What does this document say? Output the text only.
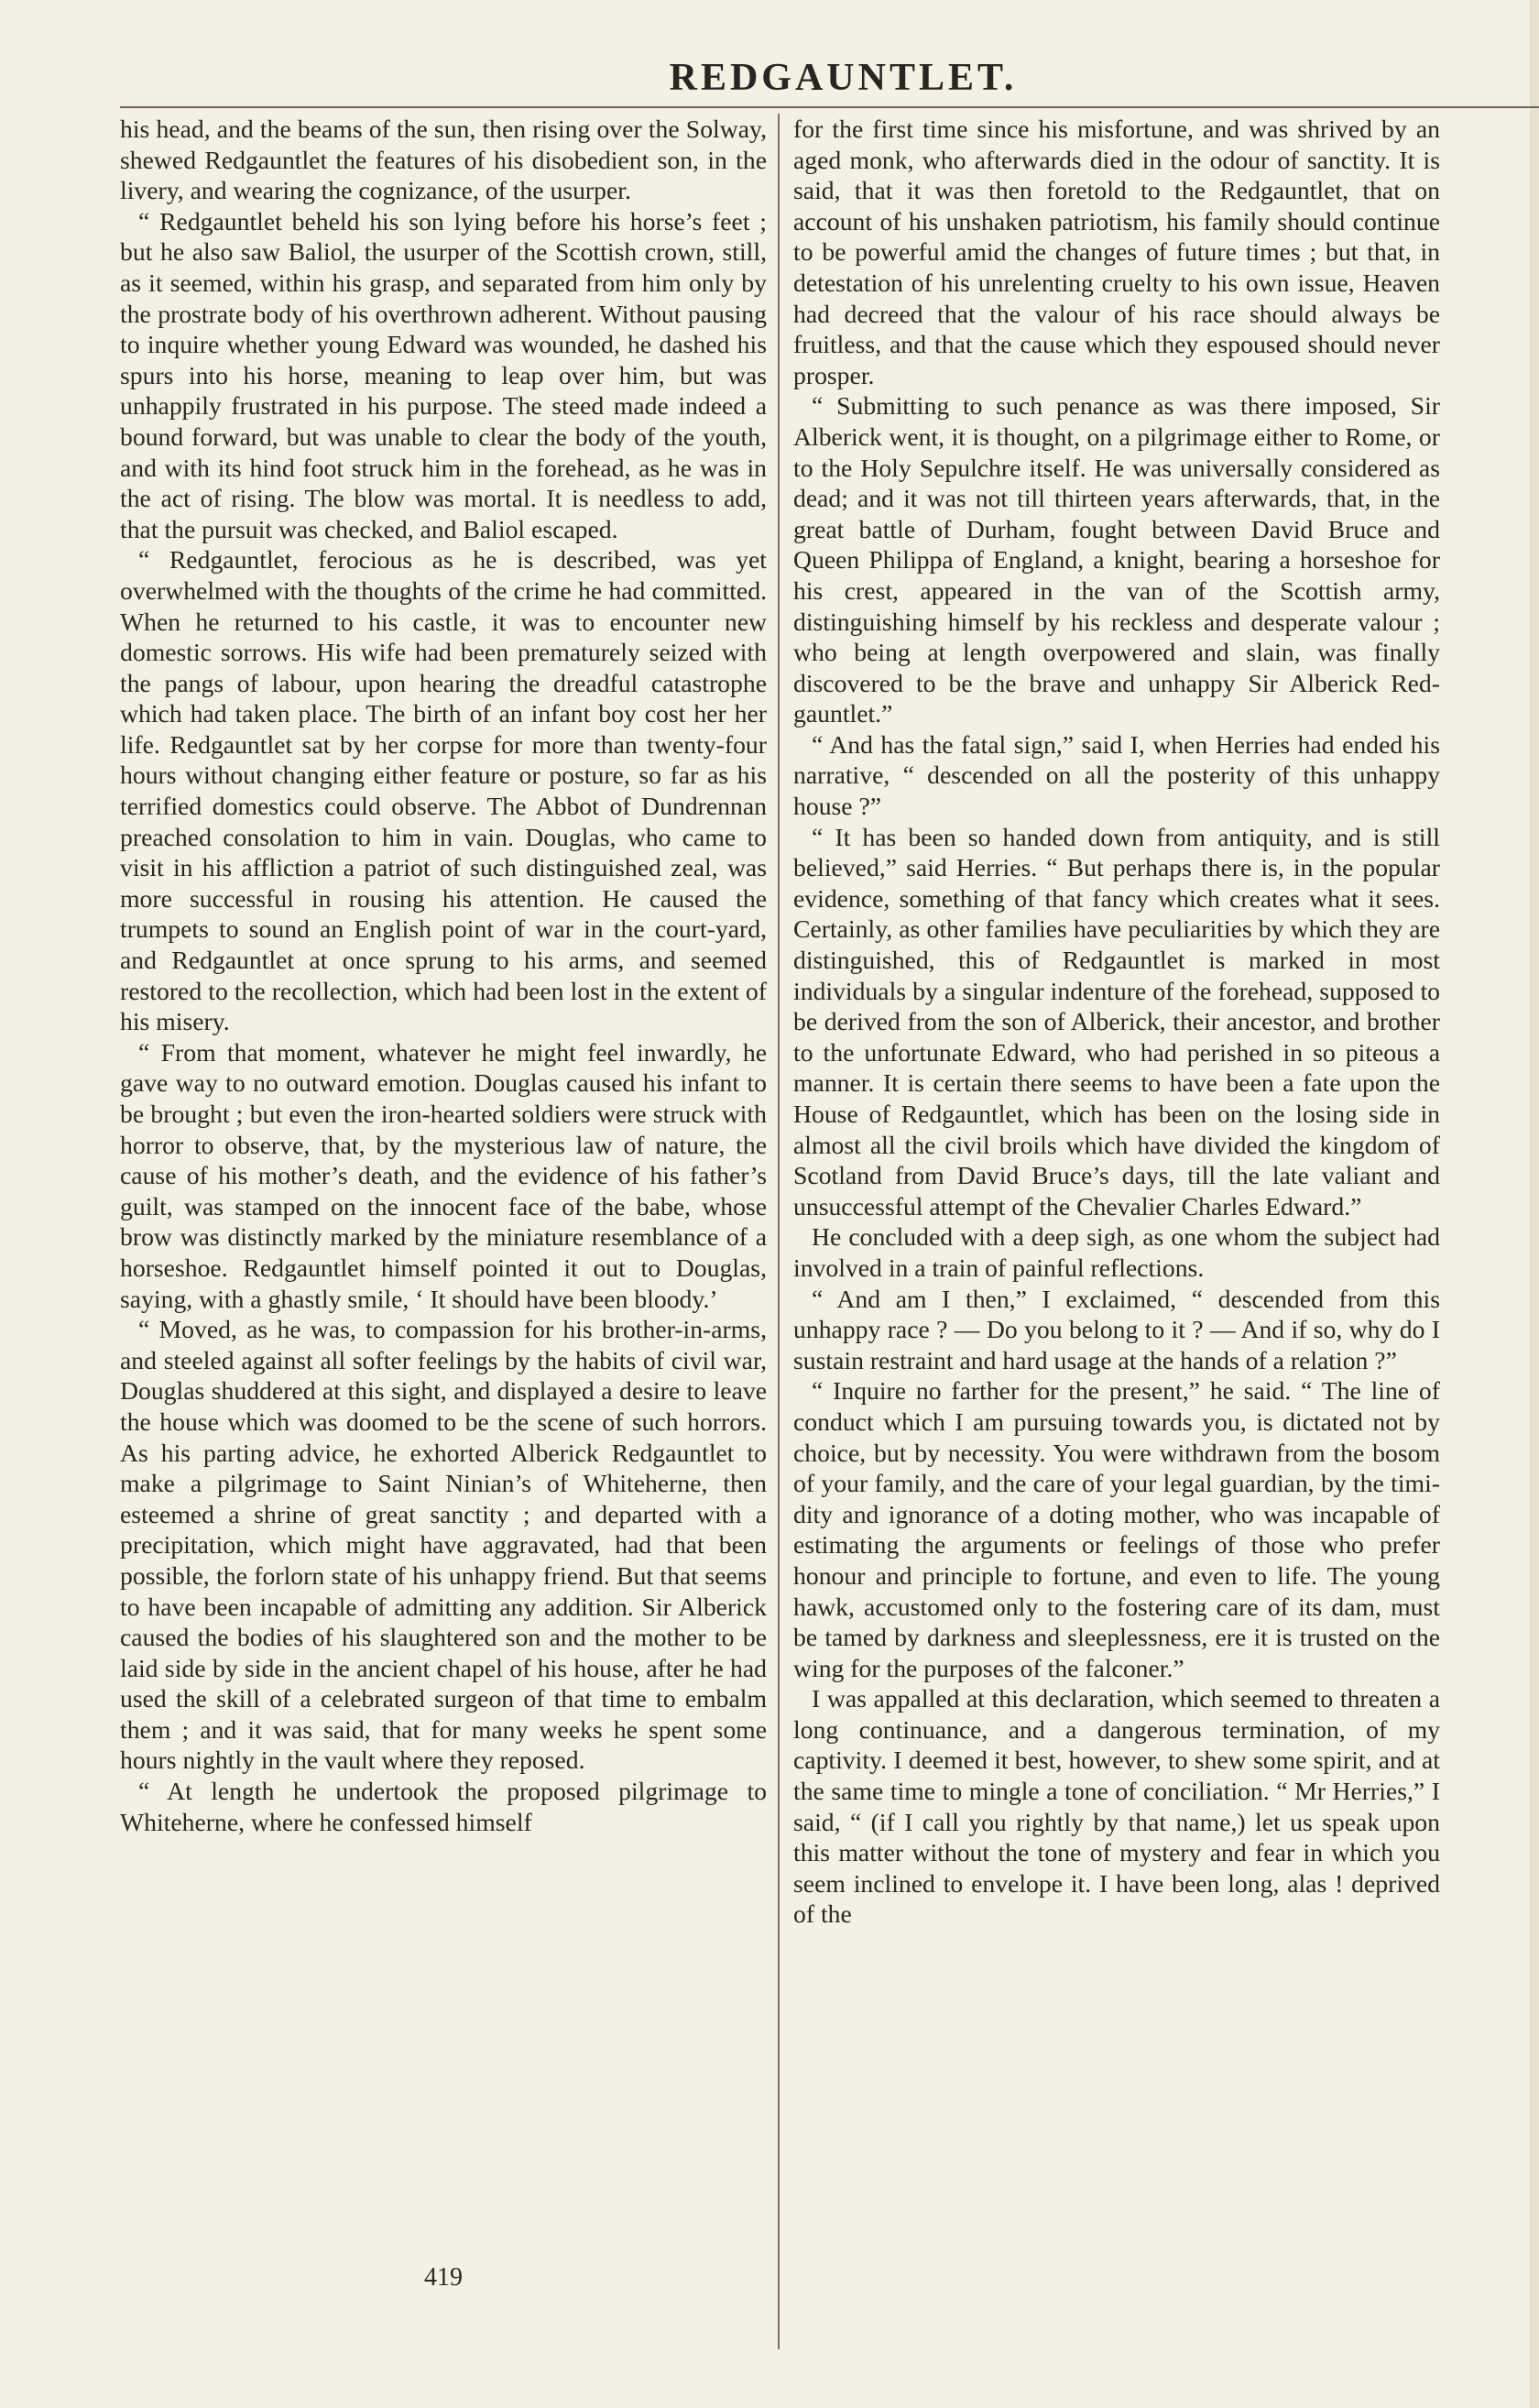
REDGAUNTLET.

his head, and the beams of the sun, then rising over the Solway, shewed Redgauntlet the features of his disobedient son, in the livery, and wearing the cognizance, of the usurper.

“ Redgauntlet beheld his son lying before his horse’s feet ; but he also saw Baliol, the usurper of the Scottish crown, still, as it seemed, within his grasp, and separated from him only by the prostrate body of his overthrown adherent. Without pausing to inquire whether young Edward was wounded, he dashed his spurs into his horse, meaning to leap over him, but was unhappily frustrated in his purpose. The steed made indeed a bound forward, but was unable to clear the body of the youth, and with its hind foot struck him in the forehead, as he was in the act of rising. The blow was mortal. It is needless to add, that the pursuit was checked, and Baliol escaped.

“ Redgauntlet, ferocious as he is described, was yet overwhelmed with the thoughts of the crime he had committed. When he returned to his castle, it was to encounter new domestic sorrows. His wife had been prematurely seized with the pangs of labour, upon hearing the dreadful catastrophe which had taken place. The birth of an infant boy cost her her life. Redgauntlet sat by her corpse for more than twenty-four hours without changing either feature or posture, so far as his terrified domestics could observe. The Abbot of Dundrennan preached consolation to him in vain. Douglas, who came to visit in his affliction a patriot of such distinguished zeal, was more successful in rousing his attention. He caused the trumpets to sound an English point of war in the court-yard, and Redgauntlet at once sprung to his arms, and seemed restored to the recollection, which had been lost in the extent of his misery.

“ From that moment, whatever he might feel inwardly, he gave way to no outward emotion. Douglas caused his infant to be brought ; but even the iron-hearted soldiers were struck with horror to observe, that, by the mysterious law of nature, the cause of his mother’s death, and the evidence of his father’s guilt, was stamped on the innocent face of the babe, whose brow was distinctly marked by the miniature resemblance of a horseshoe. Redgauntlet himself pointed it out to Douglas, saying, with a ghastly smile, ‘ It should have been bloody.’

“ Moved, as he was, to compassion for his brother-in-arms, and steeled against all softer feelings by the habits of civil war, Douglas shuddered at this sight, and displayed a desire to leave the house which was doomed to be the scene of such horrors. As his parting advice, he exhorted Alberick Redgauntlet to make a pilgrimage to Saint Ninian’s of Whiteherne, then esteemed a shrine of great sanctity ; and departed with a precipitation, which might have aggravated, had that been possible, the forlorn state of his unhappy friend. But that seems to have been incapable of admitting any addition. Sir Alberick caused the bodies of his slaughtered son and the mother to be laid side by side in the ancient chapel of his house, after he had used the skill of a celebrated surgeon of that time to embalm them ; and it was said, that for many weeks he spent some hours nightly in the vault where they reposed.

“ At length he undertook the proposed pilgrimage to Whiteherne, where he confessed himself

for the first time since his misfortune, and was shrived by an aged monk, who afterwards died in the odour of sanctity. It is said, that it was then foretold to the Redgauntlet, that on account of his unshaken patriotism, his family should continue to be powerful amid the changes of future times ; but that, in detestation of his unrelenting cruelty to his own issue, Heaven had decreed that the valour of his race should always be fruitless, and that the cause which they espoused should never prosper.

“ Submitting to such penance as was there imposed, Sir Alberick went, it is thought, on a pilgrimage either to Rome, or to the Holy Sepulchre itself. He was universally considered as dead; and it was not till thirteen years afterwards, that, in the great battle of Durham, fought between David Bruce and Queen Philippa of England, a knight, bearing a horseshoe for his crest, appeared in the van of the Scottish army, distinguishing himself by his reckless and desperate valour ; who being at length overpowered and slain, was finally discovered to be the brave and unhappy Sir Alberick Redgauntlet.”

“ And has the fatal sign,” said I, when Herries had ended his narrative, “ descended on all the posterity of this unhappy house ?”

“ It has been so handed down from antiquity, and is still believed,” said Herries. “ But perhaps there is, in the popular evidence, something of that fancy which creates what it sees. Certainly, as other families have peculiarities by which they are distinguished, this of Redgauntlet is marked in most individuals by a singular indenture of the forehead, supposed to be derived from the son of Alberick, their ancestor, and brother to the unfortunate Edward, who had perished in so piteous a manner. It is certain there seems to have been a fate upon the House of Redgauntlet, which has been on the losing side in almost all the civil broils which have divided the kingdom of Scotland from David Bruce’s days, till the late valiant and unsuccessful attempt of the Chevalier Charles Edward.”

He concluded with a deep sigh, as one whom the subject had involved in a train of painful reflections.

“ And am I then,” I exclaimed, “ descended from this unhappy race ? — Do you belong to it ? — And if so, why do I sustain restraint and hard usage at the hands of a relation ?”

“ Inquire no farther for the present,” he said. “ The line of conduct which I am pursuing towards you, is dictated not by choice, but by necessity. You were withdrawn from the bosom of your family, and the care of your legal guardian, by the timidity and ignorance of a doting mother, who was incapable of estimating the arguments or feelings of those who prefer honour and principle to fortune, and even to life. The young hawk, accustomed only to the fostering care of its dam, must be tamed by darkness and sleeplessness, ere it is trusted on the wing for the purposes of the falconer.”

I was appalled at this declaration, which seemed to threaten a long continuance, and a dangerous termination, of my captivity. I deemed it best, however, to shew some spirit, and at the same time to mingle a tone of conciliation. “ Mr Herries,” I said, “ (if I call you rightly by that name,) let us speak upon this matter without the tone of mystery and fear in which you seem inclined to envelope it. I have been long, alas ! deprived of the

419
